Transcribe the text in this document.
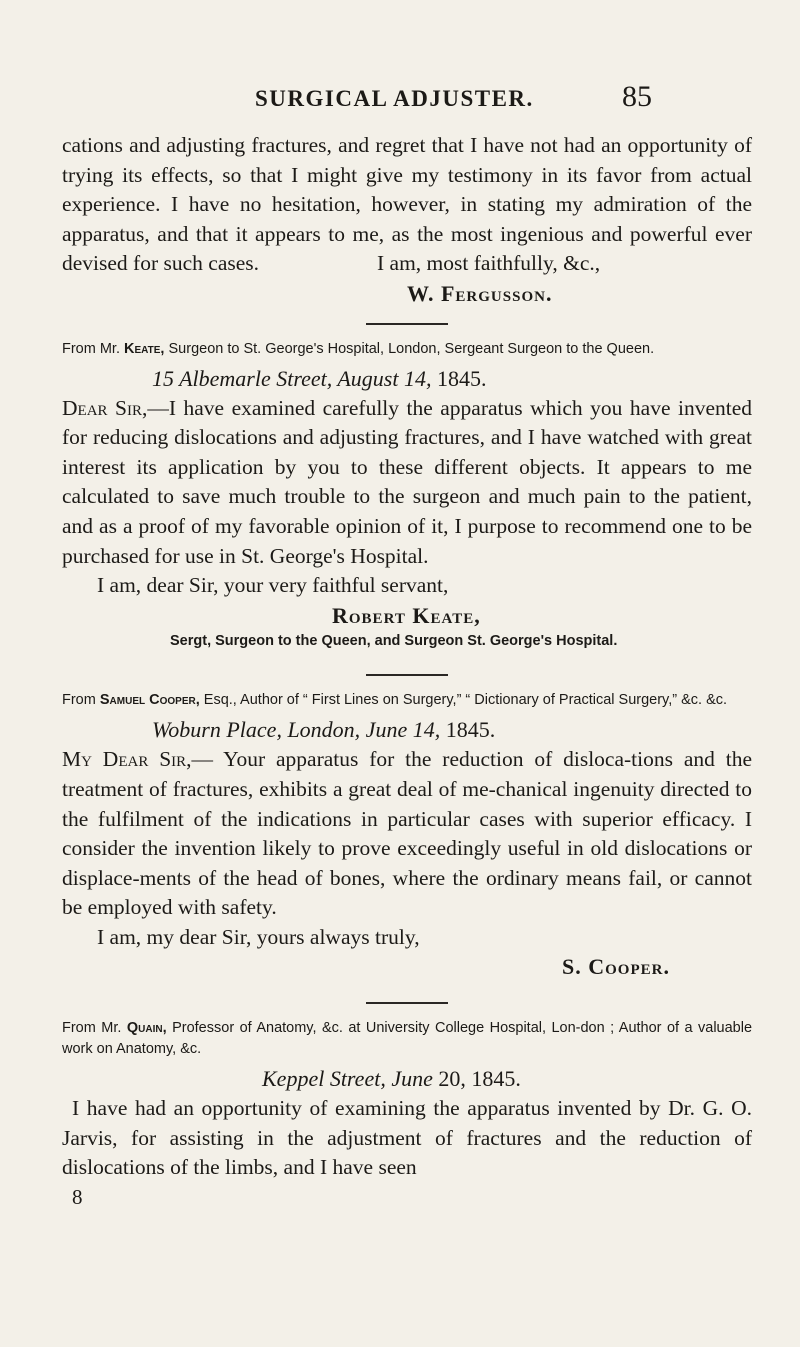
SURGICAL ADJUSTER.	85

cations and adjusting fractures, and regret that I have not had an opportunity of trying its effects, so that I might give my testimony in its favor from actual experience. I have no hesitation, however, in stating my admiration of the apparatus, and that it appears to me, as the most ingenious and powerful ever devised for such cases.	I am, most faithfully, &c.,

W. Fergusson.

From Mr. Keate, Surgeon to St. George's Hospital, London, Sergeant Surgeon to the Queen.

15 Albemarle Street, August 14, 1845.

Dear Sir,—I have examined carefully the apparatus which you have invented for reducing dislocations and adjusting fractures, and I have watched with great interest its application by you to these different objects. It appears to me calculated to save much trouble to the surgeon and much pain to the patient, and as a proof of my favorable opinion of it, I purpose to recommend one to be purchased for use in St. George's Hospital.

I am, dear Sir, your very faithful servant,

Robert Keate,

Sergt, Surgeon to the Queen, and Surgeon St. George's Hospital.

From Samuel Cooper, Esq., Author of “ First Lines on Surgery,” “ Dictionary of Practical Surgery,” &c. &c.

Woburn Place, London, June 14, 1845.

My Dear Sir,— Your apparatus for the reduction of disloca-tions and the treatment of fractures, exhibits a great deal of me-chanical ingenuity directed to the fulfilment of the indications in particular cases with superior efficacy. I consider the invention likely to prove exceedingly useful in old dislocations or displace-ments of the head of bones, where the ordinary means fail, or cannot be employed with safety.

I am, my dear Sir, yours always truly,

S. Cooper.

From Mr. Quain, Professor of Anatomy, &c. at University College Hospital, Lon-don ; Author of a valuable work on Anatomy, &c.

Keppel Street, June 20, 1845.

I have had an opportunity of examining the apparatus invented by Dr. G. O. Jarvis, for assisting in the adjustment of fractures and the reduction of dislocations of the limbs, and I have seen

8
